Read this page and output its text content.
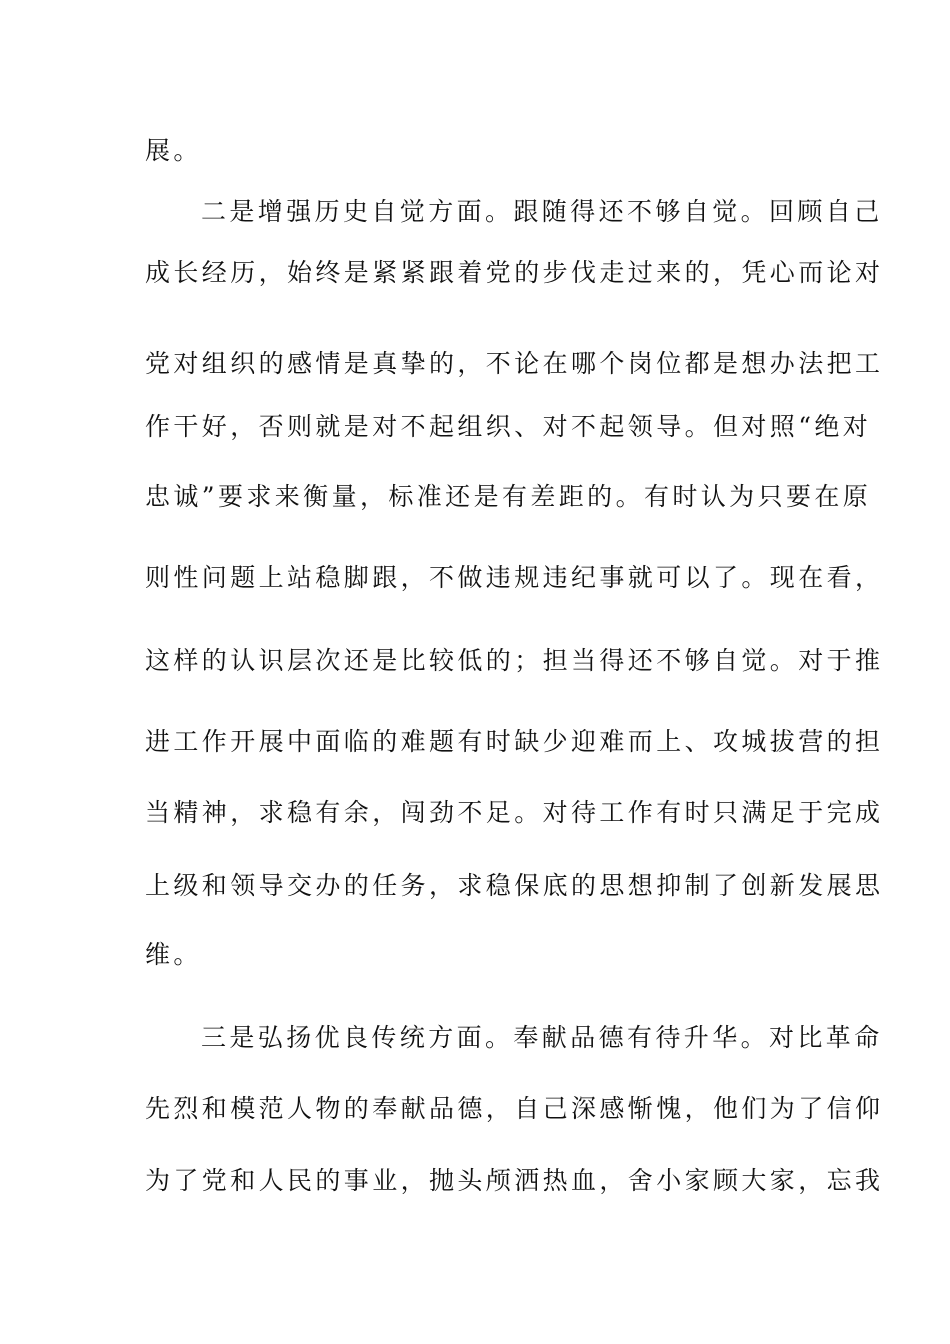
展。
二是增强历史自觉方面。跟随得还不够自觉。回顾自己
成长经历，始终是紧紧跟着党的步伐走过来的，凭心而论对
党对组织的感情是真挚的，不论在哪个岗位都是想办法把工
作干好，否则就是对不起组织、对不起领导。但对照“绝对
忠诚”要求来衡量，标准还是有差距的。有时认为只要在原
则性问题上站稳脚跟，不做违规违纪事就可以了。现在看，
这样的认识层次还是比较低的；担当得还不够自觉。对于推
进工作开展中面临的难题有时缺少迎难而上、攻城拔营的担
当精神，求稳有余，闯劲不足。对待工作有时只满足于完成
上级和领导交办的任务，求稳保底的思想抑制了创新发展思
维。
三是弘扬优良传统方面。奉献品德有待升华。对比革命
先烈和模范人物的奉献品德，自己深感惭愧，他们为了信仰
为了党和人民的事业，抛头颅洒热血，舍小家顾大家，忘我
